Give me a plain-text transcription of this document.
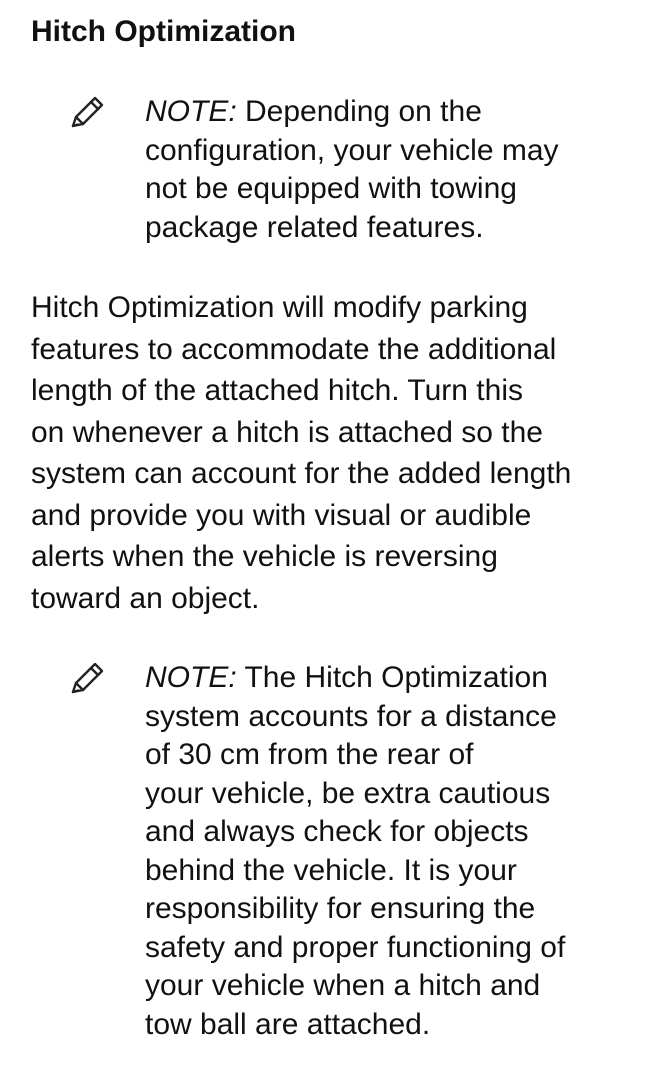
Hitch Optimization

NOTE: Depending on the
configuration, your vehicle may
not be equipped with towing
package related features.

Hitch Optimization will modify parking
features to accommodate the additional
length of the attached hitch. Turn this
on whenever a hitch is attached so the
system can account for the added length
and provide you with visual or audible
alerts when the vehicle is reversing
toward an object.

NOTE: The Hitch Optimization
system accounts for a distance
of 30 cm from the rear of
your vehicle, be extra cautious
and always check for objects
behind the vehicle. It is your
responsibility for ensuring the
safety and proper functioning of
your vehicle when a hitch and
tow ball are attached.
